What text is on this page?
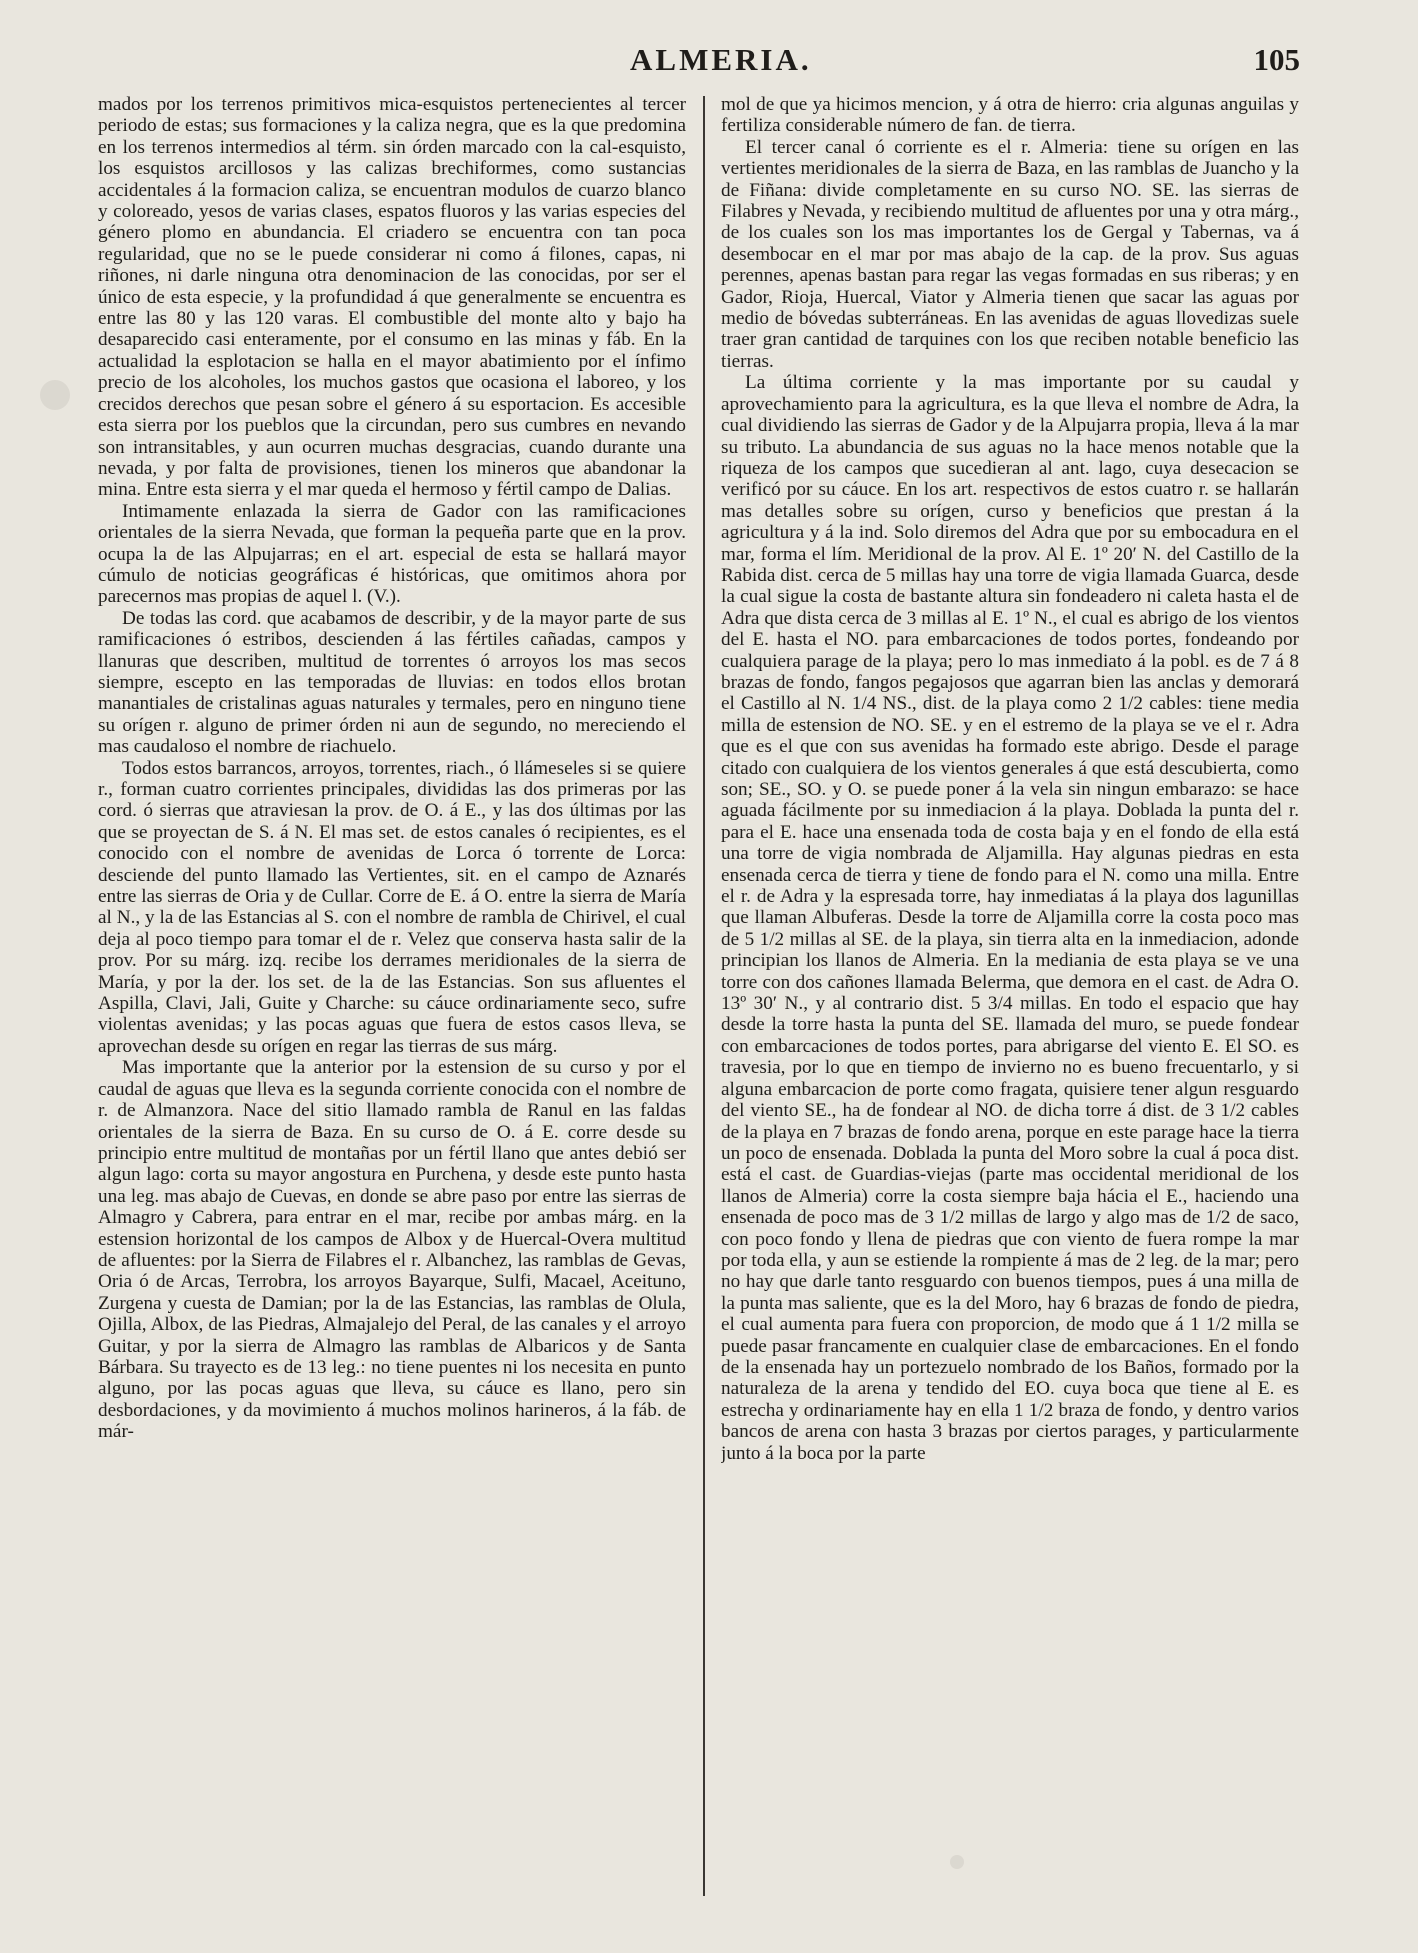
ALMERIA.	105

mados por los terrenos primitivos mica-esquistos pertenecientes al tercer periodo de estas; sus formaciones y la caliza negra, que es la que predomina en los terrenos intermedios al térm. sin órden marcado con la cal-esquisto, los esquistos arcillosos y las calizas brechiformes, como sustancias accidentales á la formacion caliza, se encuentran modulos de cuarzo blanco y coloreado, yesos de varias clases, espatos fluoros y las varias especies del género plomo en abundancia. El criadero se encuentra con tan poca regularidad, que no se le puede considerar ni como á filones, capas, ni riñones, ni darle ninguna otra denominacion de las conocidas, por ser el único de esta especie, y la profundidad á que generalmente se encuentra es entre las 80 y las 120 varas. El combustible del monte alto y bajo ha desaparecido casi enteramente, por el consumo en las minas y fáb. En la actualidad la esplotacion se halla en el mayor abatimiento por el ínfimo precio de los alcoholes, los muchos gastos que ocasiona el laboreo, y los crecidos derechos que pesan sobre el género á su esportacion. Es accesible esta sierra por los pueblos que la circundan, pero sus cumbres en nevando son intransitables, y aun ocurren muchas desgracias, cuando durante una nevada, y por falta de provisiones, tienen los mineros que abandonar la mina. Entre esta sierra y el mar queda el hermoso y fértil campo de Dalias.

Intimamente enlazada la sierra de Gador con las ramificaciones orientales de la sierra Nevada, que forman la pequeña parte que en la prov. ocupa la de las Alpujarras; en el art. especial de esta se hallará mayor cúmulo de noticias geográficas é históricas, que omitimos ahora por parecernos mas propias de aquel l. (V.).

De todas las cord. que acabamos de describir, y de la mayor parte de sus ramificaciones ó estribos, descienden á las fértiles cañadas, campos y llanuras que describen, multitud de torrentes ó arroyos los mas secos siempre, escepto en las temporadas de lluvias: en todos ellos brotan manantiales de cristalinas aguas naturales y termales, pero en ninguno tiene su orígen r. alguno de primer órden ni aun de segundo, no mereciendo el mas caudaloso el nombre de riachuelo.

Todos estos barrancos, arroyos, torrentes, riach., ó llámeseles si se quiere r., forman cuatro corrientes principales, divididas las dos primeras por las cord. ó sierras que atraviesan la prov. de O. á E., y las dos últimas por las que se proyectan de S. á N. El mas set. de estos canales ó recipientes, es el conocido con el nombre de avenidas de Lorca ó torrente de Lorca: desciende del punto llamado las Vertientes, sit. en el campo de Aznarés entre las sierras de Oria y de Cullar. Corre de E. á O. entre la sierra de María al N., y la de las Estancias al S. con el nombre de rambla de Chirivel, el cual deja al poco tiempo para tomar el de r. Velez que conserva hasta salir de la prov. Por su márg. izq. recibe los derrames meridionales de la sierra de María, y por la der. los set. de la de las Estancias. Son sus afluentes el Aspilla, Clavi, Jali, Guite y Charche: su cáuce ordinariamente seco, sufre violentas avenidas; y las pocas aguas que fuera de estos casos lleva, se aprovechan desde su orígen en regar las tierras de sus márg.

Mas importante que la anterior por la estension de su curso y por el caudal de aguas que lleva es la segunda corriente conocida con el nombre de r. de Almanzora. Nace del sitio llamado rambla de Ranul en las faldas orientales de la sierra de Baza. En su curso de O. á E. corre desde su principio entre multitud de montañas por un fértil llano que antes debió ser algun lago: corta su mayor angostura en Purchena, y desde este punto hasta una leg. mas abajo de Cuevas, en donde se abre paso por entre las sierras de Almagro y Cabrera, para entrar en el mar, recibe por ambas márg. en la estension horizontal de los campos de Albox y de Huercal-Overa multitud de afluentes: por la Sierra de Filabres el r. Albanchez, las ramblas de Gevas, Oria ó de Arcas, Terrobra, los arroyos Bayarque, Sulfi, Macael, Aceituno, Zurgena y cuesta de Damian; por la de las Estancias, las ramblas de Olula, Ojilla, Albox, de las Piedras, Almajalejo del Peral, de las canales y el arroyo Guitar, y por la sierra de Almagro las ramblas de Albaricos y de Santa Bárbara. Su trayecto es de 13 leg.: no tiene puentes ni los necesita en punto alguno, por las pocas aguas que lleva, su cáuce es llano, pero sin desbordaciones, y da movimiento á muchos molinos harineros, á la fáb. de már-

mol de que ya hicimos mencion, y á otra de hierro: cria algunas anguilas y fertiliza considerable número de fan. de tierra.

El tercer canal ó corriente es el r. Almeria: tiene su orígen en las vertientes meridionales de la sierra de Baza, en las ramblas de Juancho y la de Fiñana: divide completamente en su curso NO. SE. las sierras de Filabres y Nevada, y recibiendo multitud de afluentes por una y otra márg., de los cuales son los mas importantes los de Gergal y Tabernas, va á desembocar en el mar por mas abajo de la cap. de la prov. Sus aguas perennes, apenas bastan para regar las vegas formadas en sus riberas; y en Gador, Rioja, Huercal, Viator y Almeria tienen que sacar las aguas por medio de bóvedas subterráneas. En las avenidas de aguas llovedizas suele traer gran cantidad de tarquines con los que reciben notable beneficio las tierras.

La última corriente y la mas importante por su caudal y aprovechamiento para la agricultura, es la que lleva el nombre de Adra, la cual dividiendo las sierras de Gador y de la Alpujarra propia, lleva á la mar su tributo. La abundancia de sus aguas no la hace menos notable que la riqueza de los campos que sucedieran al ant. lago, cuya desecacion se verificó por su cáuce. En los art. respectivos de estos cuatro r. se hallarán mas detalles sobre su orígen, curso y beneficios que prestan á la agricultura y á la ind. Solo diremos del Adra que por su embocadura en el mar, forma el lím. Meridional de la prov. Al E. 1º 20′ N. del Castillo de la Rabida dist. cerca de 5 millas hay una torre de vigia llamada Guarca, desde la cual sigue la costa de bastante altura sin fondeadero ni caleta hasta el de Adra que dista cerca de 3 millas al E. 1º N., el cual es abrigo de los vientos del E. hasta el NO. para embarcaciones de todos portes, fondeando por cualquiera parage de la playa; pero lo mas inmediato á la pobl. es de 7 á 8 brazas de fondo, fangos pegajosos que agarran bien las anclas y demorará el Castillo al N. 1/4 NS., dist. de la playa como 2 1/2 cables: tiene media milla de estension de NO. SE. y en el estremo de la playa se ve el r. Adra que es el que con sus avenidas ha formado este abrigo. Desde el parage citado con cualquiera de los vientos generales á que está descubierta, como son; SE., SO. y O. se puede poner á la vela sin ningun embarazo: se hace aguada fácilmente por su inmediacion á la playa. Doblada la punta del r. para el E. hace una ensenada toda de costa baja y en el fondo de ella está una torre de vigia nombrada de Aljamilla. Hay algunas piedras en esta ensenada cerca de tierra y tiene de fondo para el N. como una milla. Entre el r. de Adra y la espresada torre, hay inmediatas á la playa dos lagunillas que llaman Albuferas. Desde la torre de Aljamilla corre la costa poco mas de 5 1/2 millas al SE. de la playa, sin tierra alta en la inmediacion, adonde principian los llanos de Almeria. En la mediania de esta playa se ve una torre con dos cañones llamada Belerma, que demora en el cast. de Adra O. 13º 30′ N., y al contrario dist. 5 3/4 millas. En todo el espacio que hay desde la torre hasta la punta del SE. llamada del muro, se puede fondear con embarcaciones de todos portes, para abrigarse del viento E. El SO. es travesia, por lo que en tiempo de invierno no es bueno frecuentarlo, y si alguna embarcacion de porte como fragata, quisiere tener algun resguardo del viento SE., ha de fondear al NO. de dicha torre á dist. de 3 1/2 cables de la playa en 7 brazas de fondo arena, porque en este parage hace la tierra un poco de ensenada. Doblada la punta del Moro sobre la cual á poca dist. está el cast. de Guardias-viejas (parte mas occidental meridional de los llanos de Almeria) corre la costa siempre baja hácia el E., haciendo una ensenada de poco mas de 3 1/2 millas de largo y algo mas de 1/2 de saco, con poco fondo y llena de piedras que con viento de fuera rompe la mar por toda ella, y aun se estiende la rompiente á mas de 2 leg. de la mar; pero no hay que darle tanto resguardo con buenos tiempos, pues á una milla de la punta mas saliente, que es la del Moro, hay 6 brazas de fondo de piedra, el cual aumenta para fuera con proporcion, de modo que á 1 1/2 milla se puede pasar francamente en cualquier clase de embarcaciones. En el fondo de la ensenada hay un portezuelo nombrado de los Baños, formado por la naturaleza de la arena y tendido del EO. cuya boca que tiene al E. es estrecha y ordinariamente hay en ella 1 1/2 braza de fondo, y dentro varios bancos de arena con hasta 3 brazas por ciertos parages, y particularmente junto á la boca por la parte
